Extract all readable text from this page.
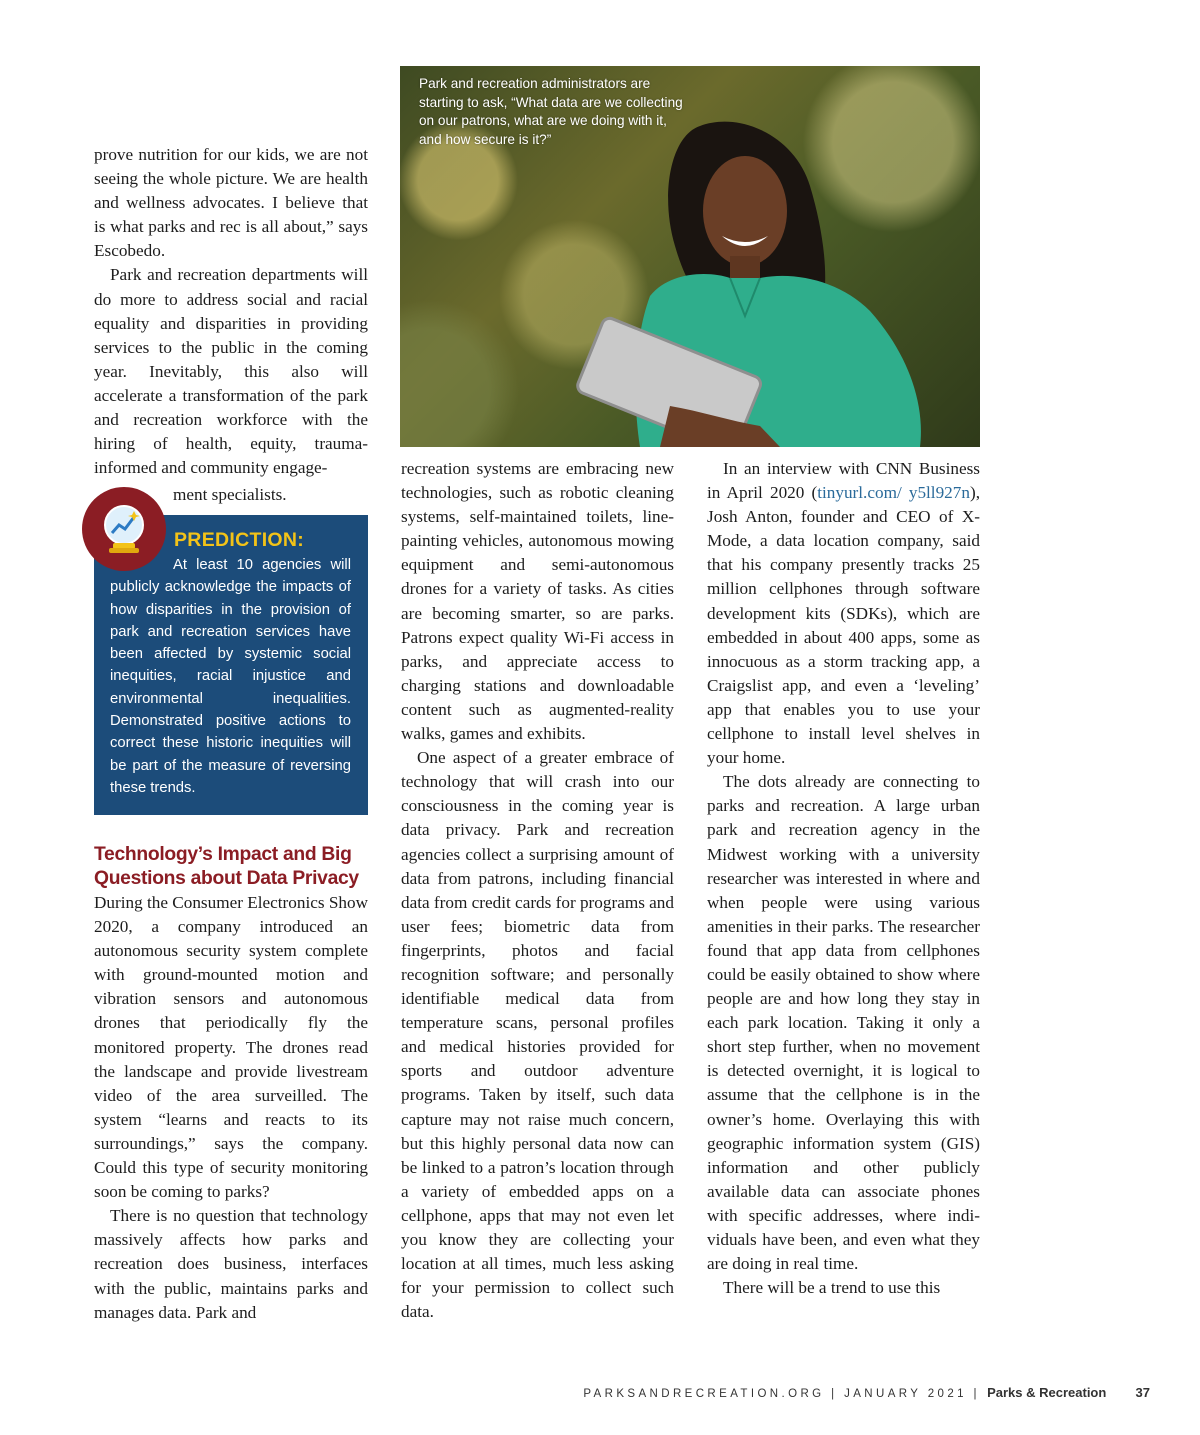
prove nutrition for our kids, we are not seeing the whole picture. We are health and wellness advocates. I believe that is what parks and rec is all about,” says Escobedo.

Park and recreation departments will do more to address social and racial equality and disparities in providing services to the public in the coming year. Inevitably, this also will accelerate a transformation of the park and recreation workforce with the hiring of health, equity, trauma-informed and community engage-

ment specialists.
PREDICTION:

At least 10 agencies will publicly acknowledge the impacts of how disparities in the provision of park and recreation services have been affected by systemic social inequities, racial injustice and environmental inequalities. Demonstrated positive actions to correct these historic inequities will be part of the measure of reversing these trends.

Technology’s Impact and Big Questions about Data Privacy

During the Consumer Electronics Show 2020, a company introduced an autonomous security system complete with ground-mounted motion and vibration sensors and autonomous drones that periodically fly the monitored property. The drones read the landscape and provide livestream video of the area surveilled. The system “learns and reacts to its surroundings,” says the company. Could this type of security monitoring soon be coming to parks?

There is no question that technology massively affects how parks and recreation does business, interfaces with the public, maintains parks and manages data. Park and

Park and recreation administrators are starting to ask, “What data are we collecting on our patrons, what are we doing with it, and how secure is it?”

recreation systems are embracing new technologies, such as robotic cleaning systems, self-maintained toilets, line-painting vehicles, autonomous mowing equipment and semi-autonomous drones for a variety of tasks. As cities are becoming smarter, so are parks. Patrons expect quality Wi-Fi access in parks, and appreciate access to charging stations and downloadable content such as augmented-reality walks, games and exhibits.

One aspect of a greater embrace of technology that will crash into our consciousness in the coming year is data privacy. Park and recreation agencies collect a surprising amount of data from patrons, including financial data from credit cards for programs and user fees; biometric data from fingerprints, photos and facial recognition software; and personally identifiable medical data from temperature scans, personal profiles and medical histories provided for sports and outdoor adventure programs. Taken by itself, such data capture may not raise much concern, but this highly personal data now can be linked to a patron’s location through a variety of embedded apps on a cellphone, apps that may not even let you know they are collecting your location at all times, much less asking for your permission to collect such data.

In an interview with CNN Business in April 2020 (tinyurl.com/ y5ll927n), Josh Anton, founder and CEO of X-Mode, a data location company, said that his company presently tracks 25 million cellphones through software development kits (SDKs), which are embedded in about 400 apps, some as innocuous as a storm tracking app, a Craigslist app, and even a ‘leveling’ app that enables you to use your cellphone to install level shelves in your home.

The dots already are connecting to parks and recreation. A large urban park and recreation agency in the Midwest working with a university researcher was interested in where and when people were using various amenities in their parks. The researcher found that app data from cellphones could be easily obtained to show where people are and how long they stay in each park location. Taking it only a short step further, when no movement is detected overnight, it is logical to assume that the cellphone is in the owner’s home. Overlaying this with geographic information system (GIS) information and other publicly available data can associate phones with specific addresses, where individuals have been, and even what they are doing in real time.

There will be a trend to use this

PARKSANDRECREATION.ORG | JANUARY 2021 | Parks & Recreation 37
